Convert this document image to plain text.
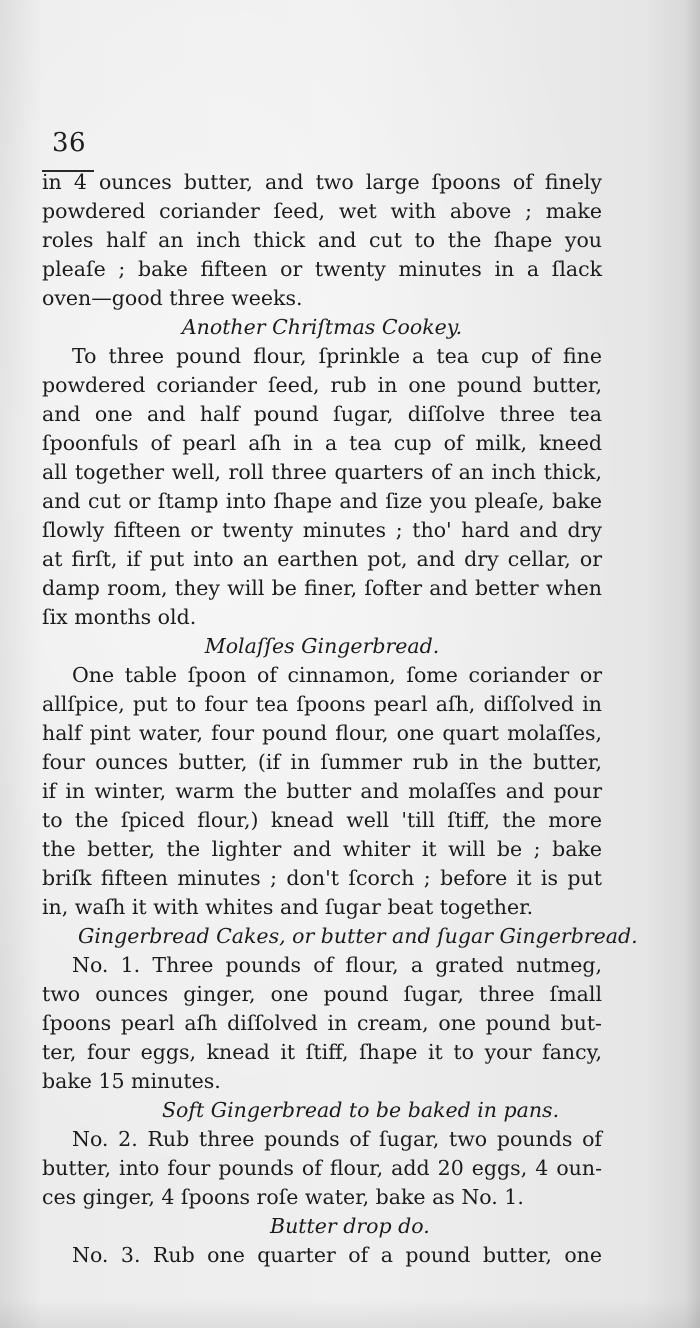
36
in 4 ounces butter, and two large ſpoons of finely
powdered coriander ſeed, wet with above ; make
roles half an inch thick and cut to the ſhape you
pleaſe ; bake fifteen or twenty minutes in a ſlack
oven—good three weeks.
Another Chriſtmas Cookey.
To three pound flour, ſprinkle a tea cup of fine
powdered coriander ſeed, rub in one pound butter,
and one and half pound ſugar, diſſolve three tea
ſpoonfuls of pearl aſh in a tea cup of milk, kneed
all together well, roll three quarters of an inch thick,
and cut or ſtamp into ſhape and ſize you pleaſe, bake
ſlowly fifteen or twenty minutes ; tho' hard and dry
at firſt, if put into an earthen pot, and dry cellar, or
damp room, they will be finer, ſofter and better when
ſix months old.
Molaſſes Gingerbread.
One table ſpoon of cinnamon, ſome coriander or
allſpice, put to four tea ſpoons pearl aſh, diſſolved in
half pint water, four pound flour, one quart molaſſes,
four ounces butter, (if in ſummer rub in the butter,
if in winter, warm the butter and molaſſes and pour
to the ſpiced flour,) knead well 'till ſtiff, the more
the better, the lighter and whiter it will be ; bake
briſk fifteen minutes ; don't ſcorch ; before it is put
in, waſh it with whites and ſugar beat together.
Gingerbread Cakes, or butter and ſugar Gingerbread.
No. 1. Three pounds of flour, a grated nutmeg,
two ounces ginger, one pound ſugar, three ſmall
ſpoons pearl aſh diſſolved in cream, one pound but-
ter, four eggs, knead it ſtiff, ſhape it to your fancy,
bake 15 minutes.
Soft Gingerbread to be baked in pans.
No. 2. Rub three pounds of ſugar, two pounds of
butter, into four pounds of flour, add 20 eggs, 4 oun-
ces ginger, 4 ſpoons roſe water, bake as No. 1.
Butter drop do.
No. 3. Rub one quarter of a pound butter, one
